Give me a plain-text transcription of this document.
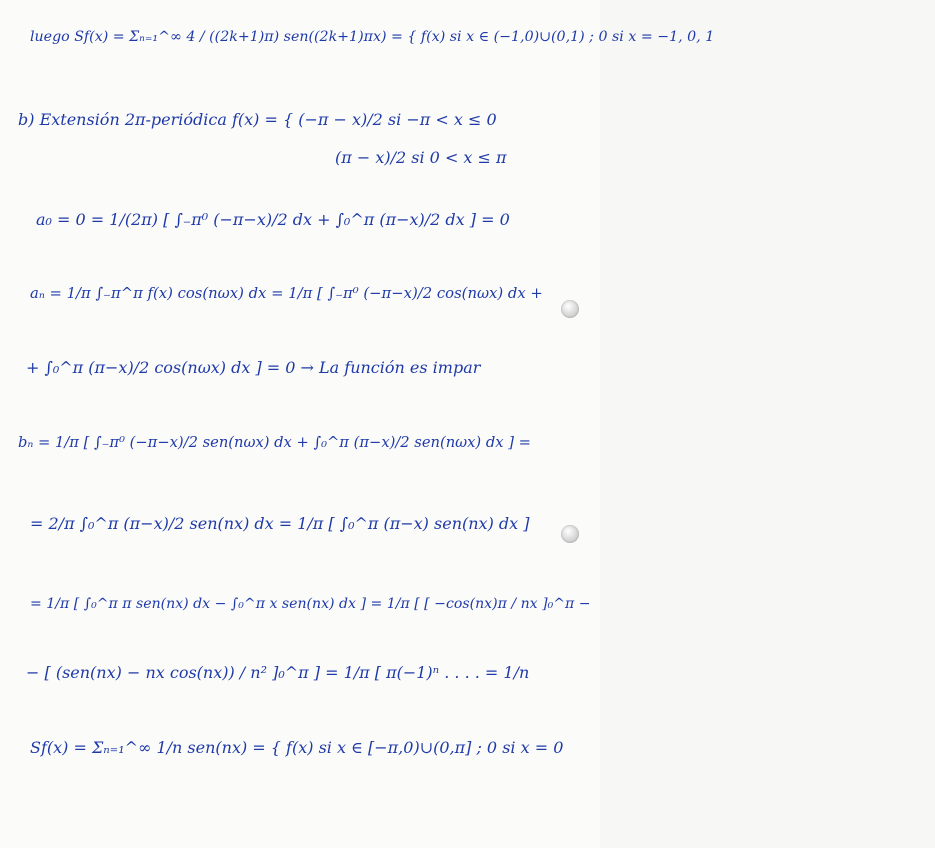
luego Sf(x) = Σₙ₌₁^∞ 4 / ((2k+1)π) sen((2k+1)πx) = { f(x) si x ∈ (−1,0)∪(0,1) ; 0 si x = −1, 0, 1
b) Extensión 2π-periódica f(x) = { (−π − x)/2 si −π < x ≤ 0
(π − x)/2 si 0 < x ≤ π
a₀ = 0 = 1/(2π) [ ∫₋π⁰ (−π−x)/2 dx + ∫₀^π (π−x)/2 dx ] = 0
aₙ = 1/π ∫₋π^π f(x) cos(nωx) dx = 1/π [ ∫₋π⁰ (−π−x)/2 cos(nωx) dx +
+ ∫₀^π (π−x)/2 cos(nωx) dx ] = 0 → La función es impar
bₙ = 1/π [ ∫₋π⁰ (−π−x)/2 sen(nωx) dx + ∫₀^π (π−x)/2 sen(nωx) dx ] =
= 2/π ∫₀^π (π−x)/2 sen(nx) dx = 1/π [ ∫₀^π (π−x) sen(nx) dx ]
= 1/π [ ∫₀^π π sen(nx) dx − ∫₀^π x sen(nx) dx ] = 1/π [ [ −cos(nx)π / nx ]₀^π −
− [ (sen(nx) − nx cos(nx)) / n² ]₀^π ] = 1/π [ π(−1)ⁿ . . . . = 1/n
Sf(x) = Σₙ₌₁^∞ 1/n sen(nx) = { f(x) si x ∈ [−π,0)∪(0,π] ; 0 si x = 0
